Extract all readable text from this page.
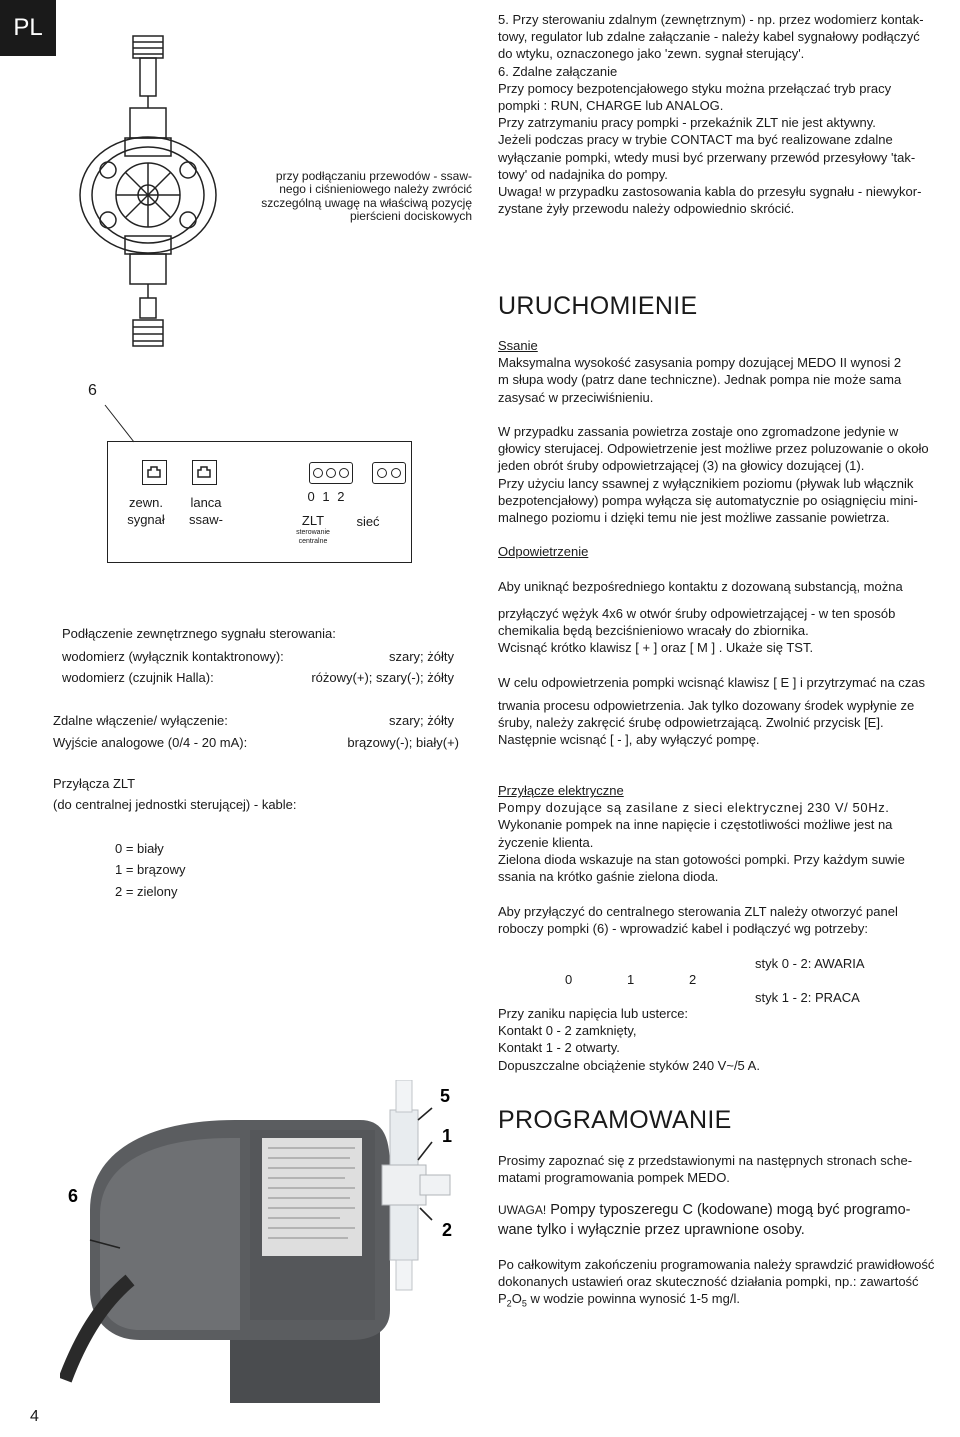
PL
przy podłączaniu przewodów - ssaw-
nego i ciśnieniowego należy zwrócić
szczególną uwagę na właściwą pozycję
pierścieni dociskowych
6
zewn.
sygnał
lanca
ssaw-
0 1 2
ZLT
sterowanie
centralne
sieć

5. Przy sterowaniu zdalnym (zewnętrznym) - np. przez wodomierz kontak-

towy, regulator lub zdalne załączanie - należy kabel sygnałowy podłączyć

do wtyku, oznaczonego jako 'zewn. sygnał sterujący'.

6. Zdalne załączanie

Przy pomocy bezpotencjałowego styku można przełączać tryb pracy

pompki : RUN, CHARGE lub ANALOG.

Przy zatrzymaniu pracy pompki - przekaźnik ZLT nie jest aktywny.

Jeżeli podczas pracy w trybie CONTACT ma być realizowane zdalne

wyłączanie pompki, wtedy musi być przerwany przewód przesyłowy 'tak-

towy' od nadajnika do pompy.

Uwaga! w przypadku zastosowania kabla do przesyłu sygnału - niewykor-

zystane żyły przewodu należy odpowiednio skrócić.

URUCHOMIENIE

Ssanie

Maksymalna wysokość zasysania pompy dozującej MEDO II wynosi 2

m słupa wody (patrz dane techniczne). Jednak pompa nie może sama

zasysać w przeciwiśnieniu.

W przypadku zassania powietrza zostaje ono zgromadzone jedynie w

głowicy sterujacej. Odpowietrzenie jest możliwe przez poluzowanie o około

jeden obrót śruby odpowietrzającej (3) na głowicy dozującej (1).

Przy użyciu lancy ssawnej z wyłącznikiem poziomu (pływak lub włącznik

bezpotencjałowy) pompa wyłącza się automatycznie po osiągnięciu mini-

malnego poziomu i dzięki temu nie jest możliwe zassanie powietrza.

Odpowietrzenie
Aby uniknąć bezpośredniego kontaktu z dozowaną substancją, można

przyłączyć wężyk 4x6 w otwór śruby odpowietrzającej - w ten sposób

chemikalia będą bezciśnieniowo wracały do zbiornika.

Wcisnąć krótko klawisz [ + ] oraz [ M ] . Ukaże się TST.

W celu odpowietrzenia pompki wcisnąć klawisz [ E ] i przytrzymać na czas

trwania procesu odpowietrzenia. Jak tylko dozowany środek wypłynie ze

śruby, należy zakręcić śrubę odpowietrzającą. Zwolnić przycisk [E].

Następnie wcisnąć [ - ], aby wyłączyć pompę.

Przyłącze elektryczne

Pompy dozujące są zasilane z sieci elektrycznej 230 V/ 50Hz.

Wykonanie pompek na inne napięcie i częstotliwości możliwe jest na

życzenie klienta.

Zielona dioda wskazuje na stan gotowości pompki. Przy każdym suwie

ssania na krótko gaśnie zielona dioda.

Aby przyłączyć do centralnego sterowania ZLT należy otworzyć panel

roboczy pompki (6) - wprowadzić kabel i podłączyć wg potrzeby:

styk 0 - 2: AWARIA
0	1	2
styk 1 - 2: PRACA

Przy zaniku napięcia lub usterce:

Kontakt 0 - 2 zamknięty,

Kontakt 1 - 2 otwarty.

Dopuszczalne obciążenie styków 240 V~/5 A.

PROGRAMOWANIE

Prosimy zapoznać się z przedstawionymi na następnych stronach sche-

matami programowania pompek MEDO.

UWAGA! Pompy typoszeregu C (kodowane) mogą być programo-
wane tylko i wyłącznie przez uprawnione osoby.

Po całkowitym zakończeniu programowania należy sprawdzić prawidłowość

dokonanych ustawień oraz skuteczność działania pompki, np.: zawartość

$P_2O_5$ w wodzie powinna wynosić 1-5 mg/l.

Podłączenie zewnętrznego sygnału sterowania:
wodomierz (wyłącznik kontaktronowy):	szary; żółty
wodomierz (czujnik Halla):	różowy(+); szary(-); żółty
Zdalne włączenie/ wyłączenie:	szary; żółty
Wyjście analogowe (0/4 - 20 mA):	brązowy(-); biały(+)
Przyłącza ZLT
(do centralnej jednostki sterującej) - kable:
0 = biały
1 = brązowy
2 = zielony
5
1
6
2
4
